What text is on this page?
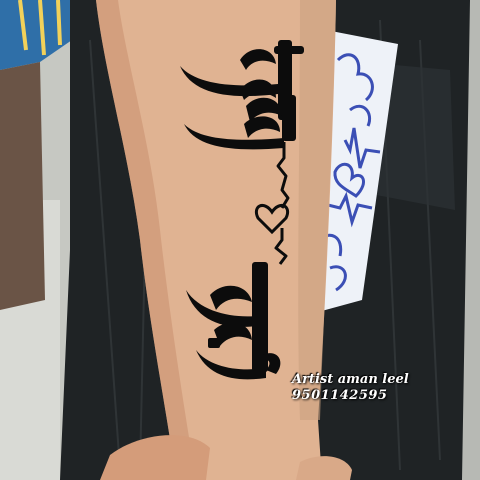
Artist aman leel
9501142595
